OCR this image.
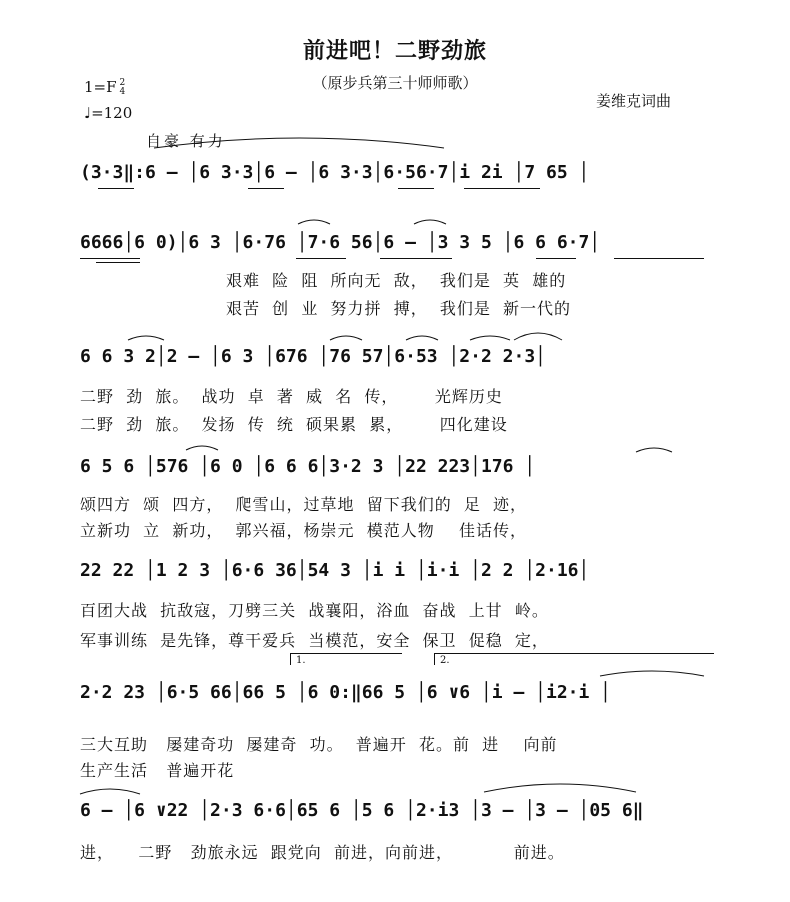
前进吧！二野劲旅
（原步兵第三十师师歌）
姜维克词曲
1=F 2
4
♩=120
自豪 有力
(3·3‖:6 – │6 3·3│6 – │6 3·3│6·56·7│i 2i │7 65 │
6666│6 0)│6 3 │6·76 │7·6 56│6 – │3 3 5 │6 6 6·7│
艰难  险  阻  所向无  敌，  我们是  英  雄的
艰苦  创  业  努力拼  搏，  我们是  新一代的
6 6 3 2│2 – │6 3 │676 │76 57│6·53 │2·2 2·3│
二野  劲  旅。  战功  卓  著  威  名  传，      光辉历史
二野  劲  旅。  发扬  传  统  硕果累  累，      四化建设
6 5 6 │576 │6 0 │6 6 6│3·2 3 │22 223│176 │
颂四方  颂  四方，  爬雪山，过草地  留下我们的  足  迹，
立新功  立  新功，  郭兴福，杨崇元  模范人物    佳话传，
22 22 │1 2 3 │6·6 36│54 3 │i i │i·i │2 2 │2·16│
百团大战  抗敌寇，刀劈三关  战襄阳，浴血  奋战  上甘  岭。
军事训练  是先锋，尊干爱兵  当模范，安全  保卫  促稳  定，
1.	2.
2·2 23 │6·5 66│66 5 │6 0:‖66 5 │6 ∨6 │i – │i2·i │
三大互助   屡建奇功  屡建奇  功。  普遍开  花。前  进    向前
生产生活   普遍开花
6 – │6 ∨22 │2·3 6·6│65 6 │5 6 │2·i3 │3 – │3 – │05 6‖
进，    二野   劲旅永远  跟党向  前进，向前进，          前进。
